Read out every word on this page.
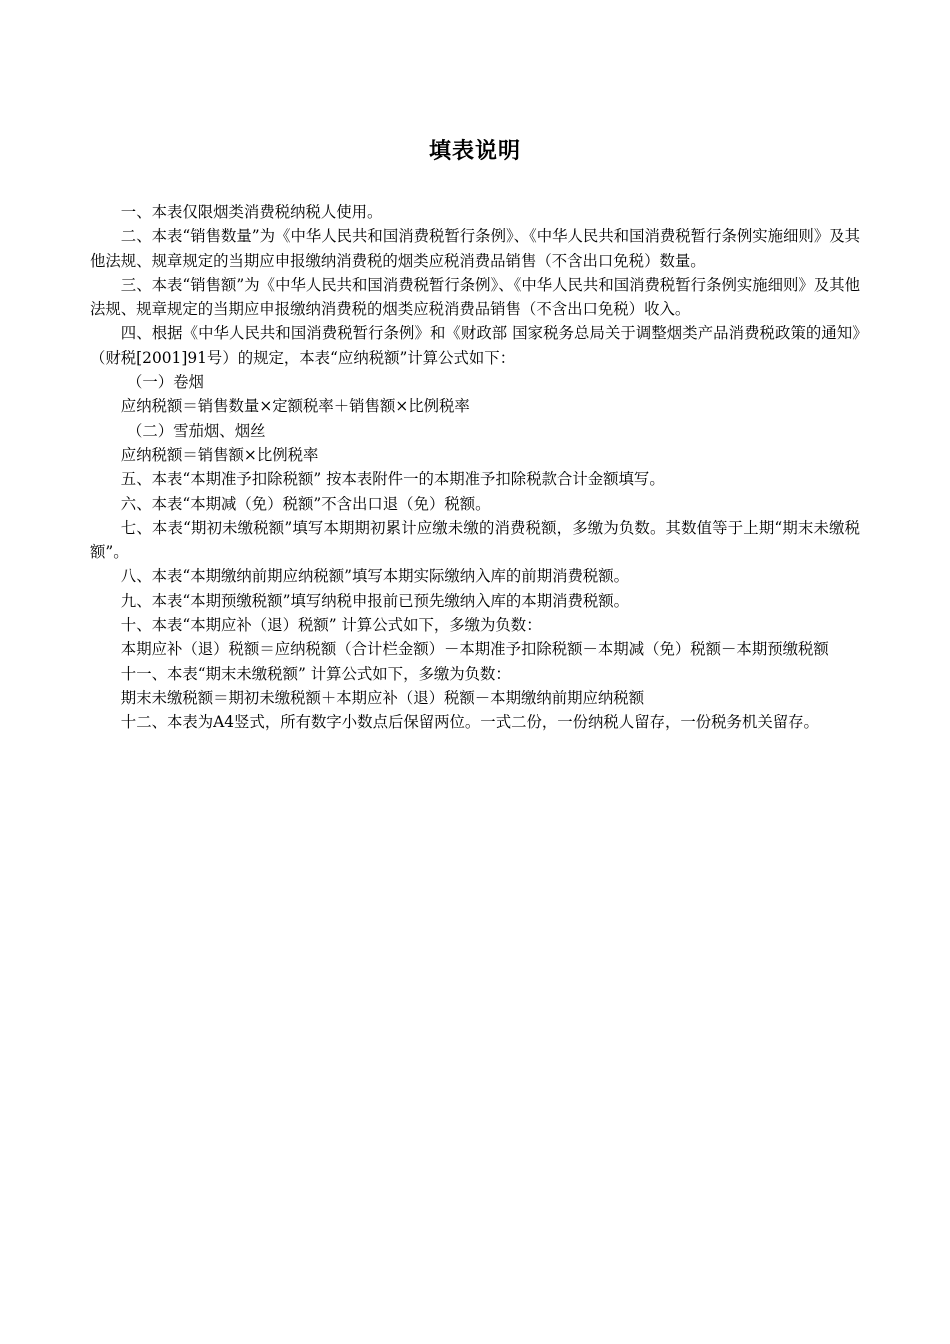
填表说明

一、本表仅限烟类消费税纳税人使用。

二、本表“销售数量”为《中华人民共和国消费税暂行条例》、《中华人民共和国消费税暂行条例实施细则》及其他法规、规章规定的当期应申报缴纳消费税的烟类应税消费品销售（不含出口免税）数量。

三、本表“销售额”为《中华人民共和国消费税暂行条例》、《中华人民共和国消费税暂行条例实施细则》及其他法规、规章规定的当期应申报缴纳消费税的烟类应税消费品销售（不含出口免税）收入。

四、根据《中华人民共和国消费税暂行条例》和《财政部 国家税务总局关于调整烟类产品消费税政策的通知》（财税[2001]91号）的规定，本表“应纳税额”计算公式如下：

（一）卷烟

应纳税额＝销售数量×定额税率＋销售额×比例税率

（二）雪茄烟、烟丝

应纳税额＝销售额×比例税率

五、本表“本期准予扣除税额” 按本表附件一的本期准予扣除税款合计金额填写。

六、本表“本期减（免）税额”不含出口退（免）税额。

七、本表“期初未缴税额”填写本期期初累计应缴未缴的消费税额，多缴为负数。其数值等于上期“期末未缴税额”。

八、本表“本期缴纳前期应纳税额”填写本期实际缴纳入库的前期消费税额。

九、本表“本期预缴税额”填写纳税申报前已预先缴纳入库的本期消费税额。

十、本表“本期应补（退）税额” 计算公式如下，多缴为负数：

本期应补（退）税额＝应纳税额（合计栏金额）－本期准予扣除税额－本期减（免）税额－本期预缴税额

十一、本表“期末未缴税额” 计算公式如下，多缴为负数：

期末未缴税额＝期初未缴税额＋本期应补（退）税额－本期缴纳前期应纳税额

十二、本表为A4竖式，所有数字小数点后保留两位。一式二份，一份纳税人留存，一份税务机关留存。
